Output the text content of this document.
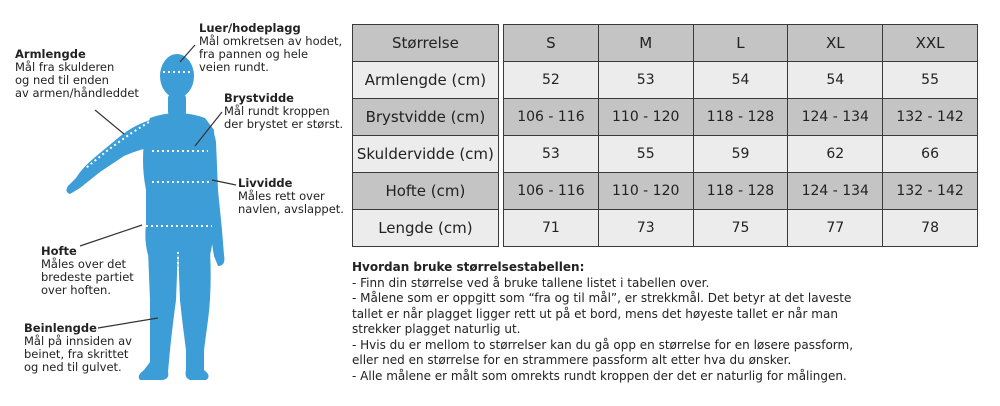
Armlengde
Mål fra skulderen
og ned til enden
av armen/håndleddet
Luer/hodeplagg
Mål omkretsen av hodet,
fra pannen og hele
veien rundt.
Brystvidde
Mål rundt kroppen
der brystet er størst.
Livvidde
Måles rett over
navlen, avslappet.
Hofte
Måles over det
bredeste partiet
over hoften.
Beinlengde
Mål på innsiden av
beinet, fra skrittet
og ned til gulvet.
Størrelse		S	M	L	XL	XXL
Armlengde (cm)		52	53	54	54	55
Brystvidde (cm)		106 - 116	110 - 120	118 - 128	124 - 134	132 - 142
Skuldervidde (cm)		53	55	59	62	66
Hofte (cm)		106 - 116	110 - 120	118 - 128	124 - 134	132 - 142
Lengde (cm)		71	73	75	77	78
Hvordan bruke størrelsestabellen:
- Finn din størrelse ved å bruke tallene listet i tabellen over.
- Målene som er oppgitt som “fra og til mål”, er strekkmål. Det betyr at det laveste
tallet er når plagget ligger rett ut på et bord, mens det høyeste tallet er når man
strekker plagget naturlig ut.
- Hvis du er mellom to størrelser kan du gå opp en størrelse for en løsere passform,
eller ned en størrelse for en strammere passform alt etter hva du ønsker.
- Alle målene er målt som omrekts rundt kroppen der det er naturlig for målingen.
